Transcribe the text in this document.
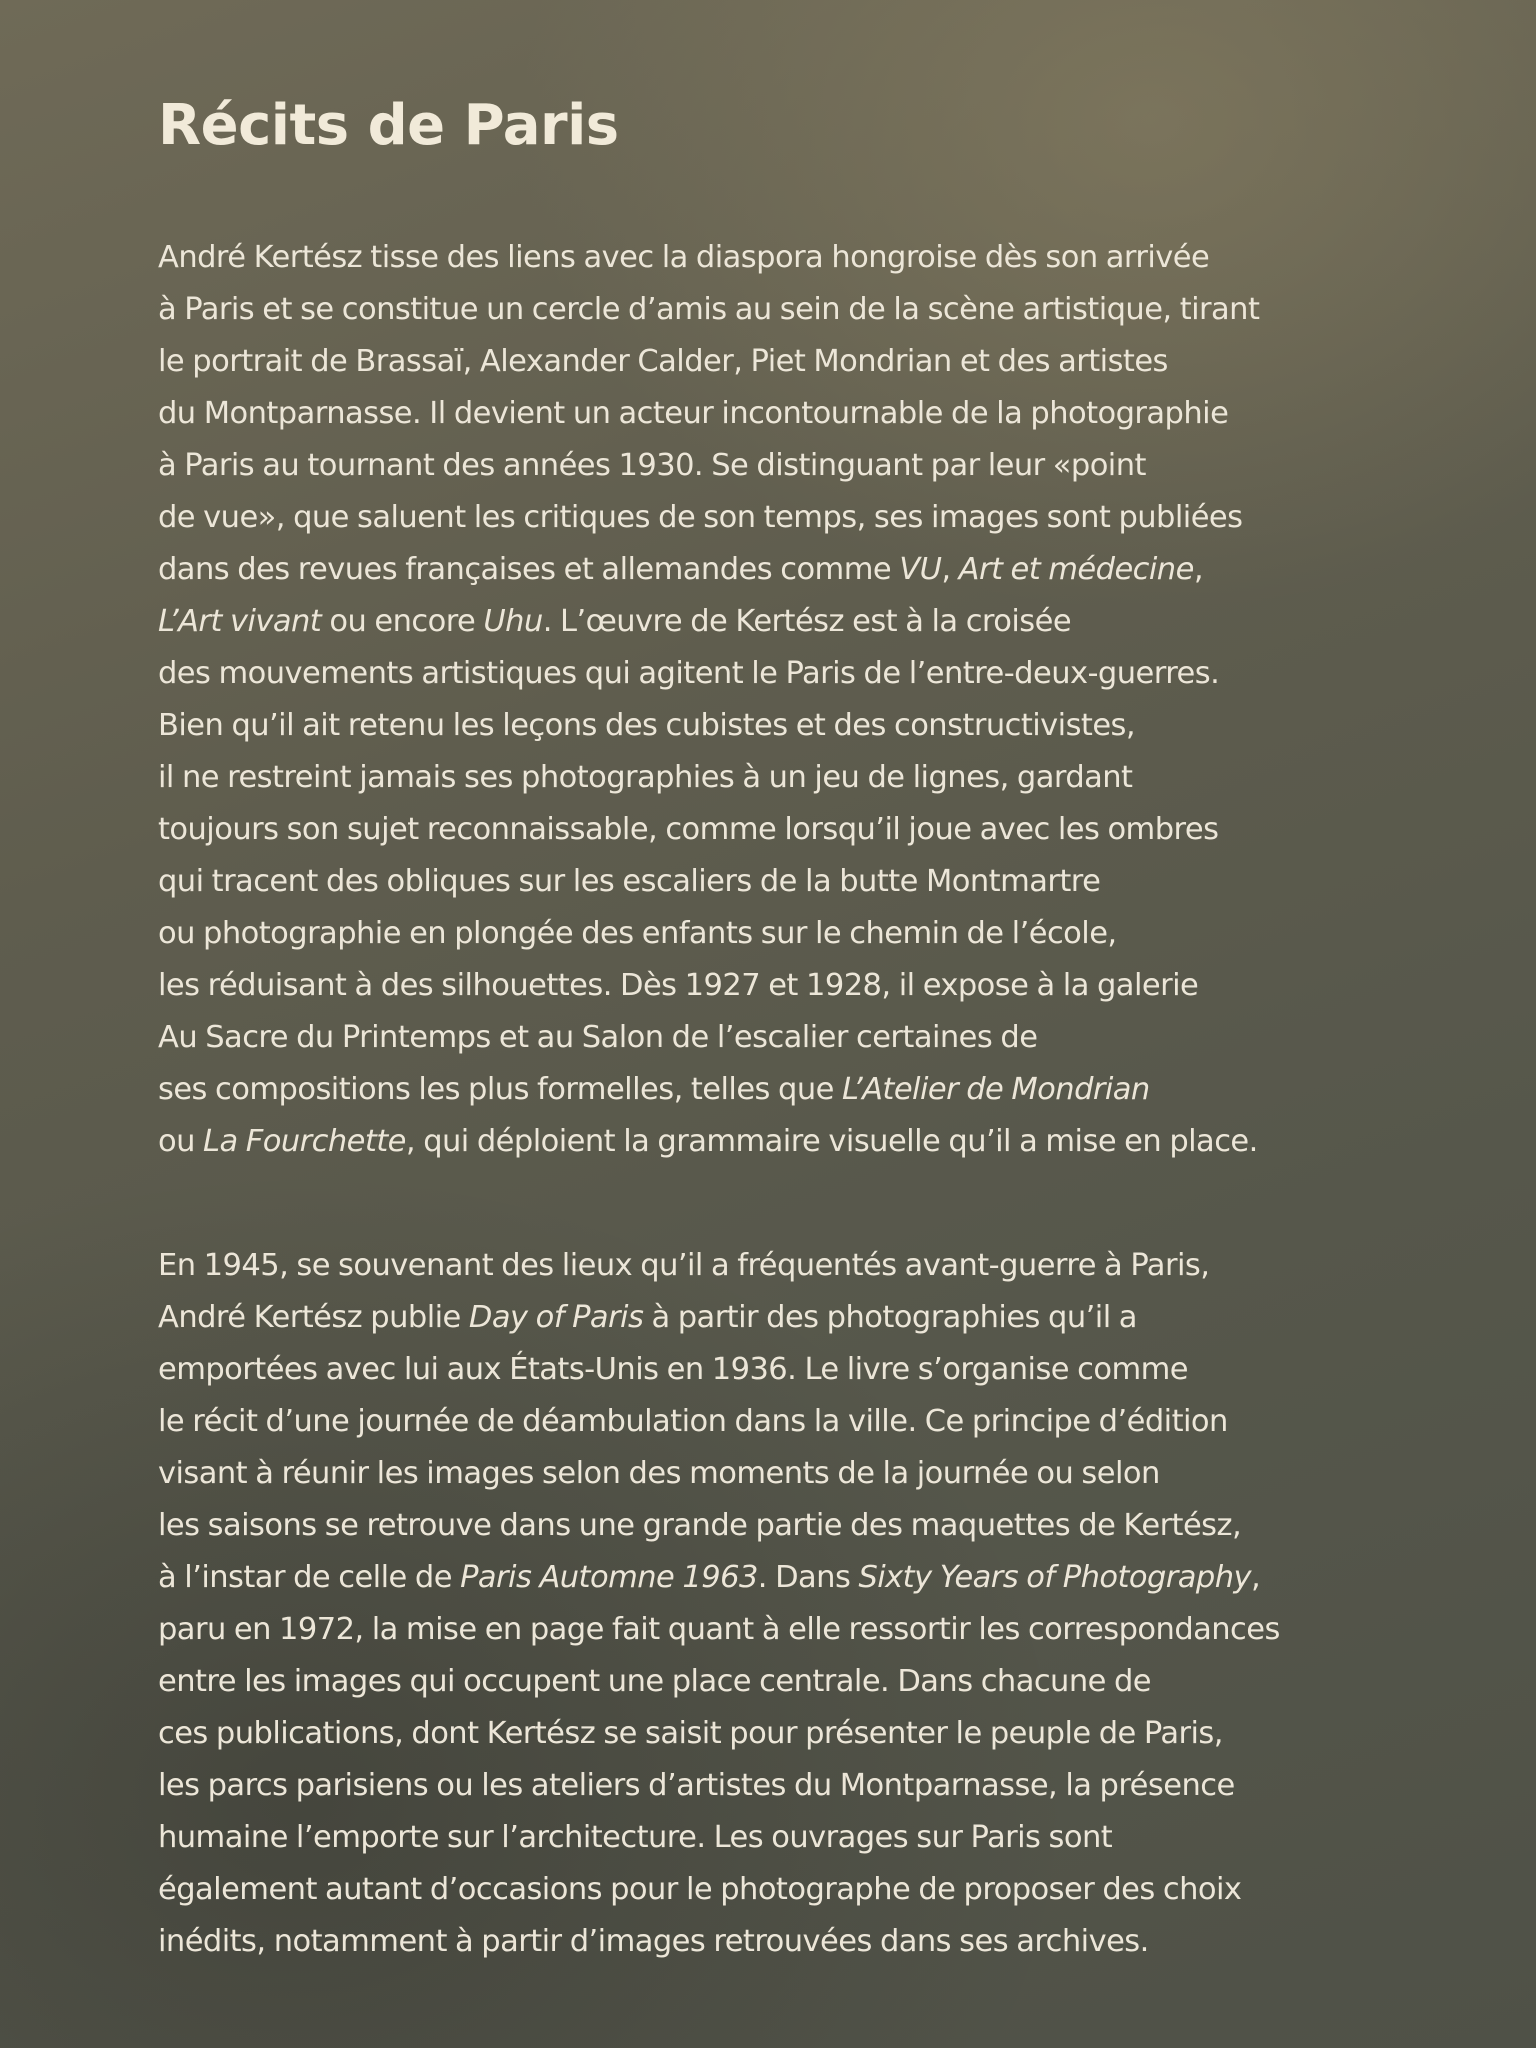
Récits de Paris
André Kertész tisse des liens avec la diaspora hongroise dès son arrivée
à Paris et se constitue un cercle d’amis au sein de la scène artistique, tirant
le portrait de Brassaï, Alexander Calder, Piet Mondrian et des artistes
du Montparnasse. Il devient un acteur incontournable de la photographie
à Paris au tournant des années 1930. Se distinguant par leur «point
de vue», que saluent les critiques de son temps, ses images sont publiées
dans des revues françaises et allemandes comme VU, Art et médecine,
L’Art vivant ou encore Uhu. L’œuvre de Kertész est à la croisée
des mouvements artistiques qui agitent le Paris de l’entre-deux-guerres.
Bien qu’il ait retenu les leçons des cubistes et des constructivistes,
il ne restreint jamais ses photographies à un jeu de lignes, gardant
toujours son sujet reconnaissable, comme lorsqu’il joue avec les ombres
qui tracent des obliques sur les escaliers de la butte Montmartre
ou photographie en plongée des enfants sur le chemin de l’école,
les réduisant à des silhouettes. Dès 1927 et 1928, il expose à la galerie
Au Sacre du Printemps et au Salon de l’escalier certaines de
ses compositions les plus formelles, telles que L’Atelier de Mondrian
ou La Fourchette, qui déploient la grammaire visuelle qu’il a mise en place.
En 1945, se souvenant des lieux qu’il a fréquentés avant-guerre à Paris,
André Kertész publie Day of Paris à partir des photographies qu’il a
emportées avec lui aux États-Unis en 1936. Le livre s’organise comme
le récit d’une journée de déambulation dans la ville. Ce principe d’édition
visant à réunir les images selon des moments de la journée ou selon
les saisons se retrouve dans une grande partie des maquettes de Kertész,
à l’instar de celle de Paris Automne 1963. Dans Sixty Years of Photography,
paru en 1972, la mise en page fait quant à elle ressortir les correspondances
entre les images qui occupent une place centrale. Dans chacune de
ces publications, dont Kertész se saisit pour présenter le peuple de Paris,
les parcs parisiens ou les ateliers d’artistes du Montparnasse, la présence
humaine l’emporte sur l’architecture. Les ouvrages sur Paris sont
également autant d’occasions pour le photographe de proposer des choix
inédits, notamment à partir d’images retrouvées dans ses archives.
